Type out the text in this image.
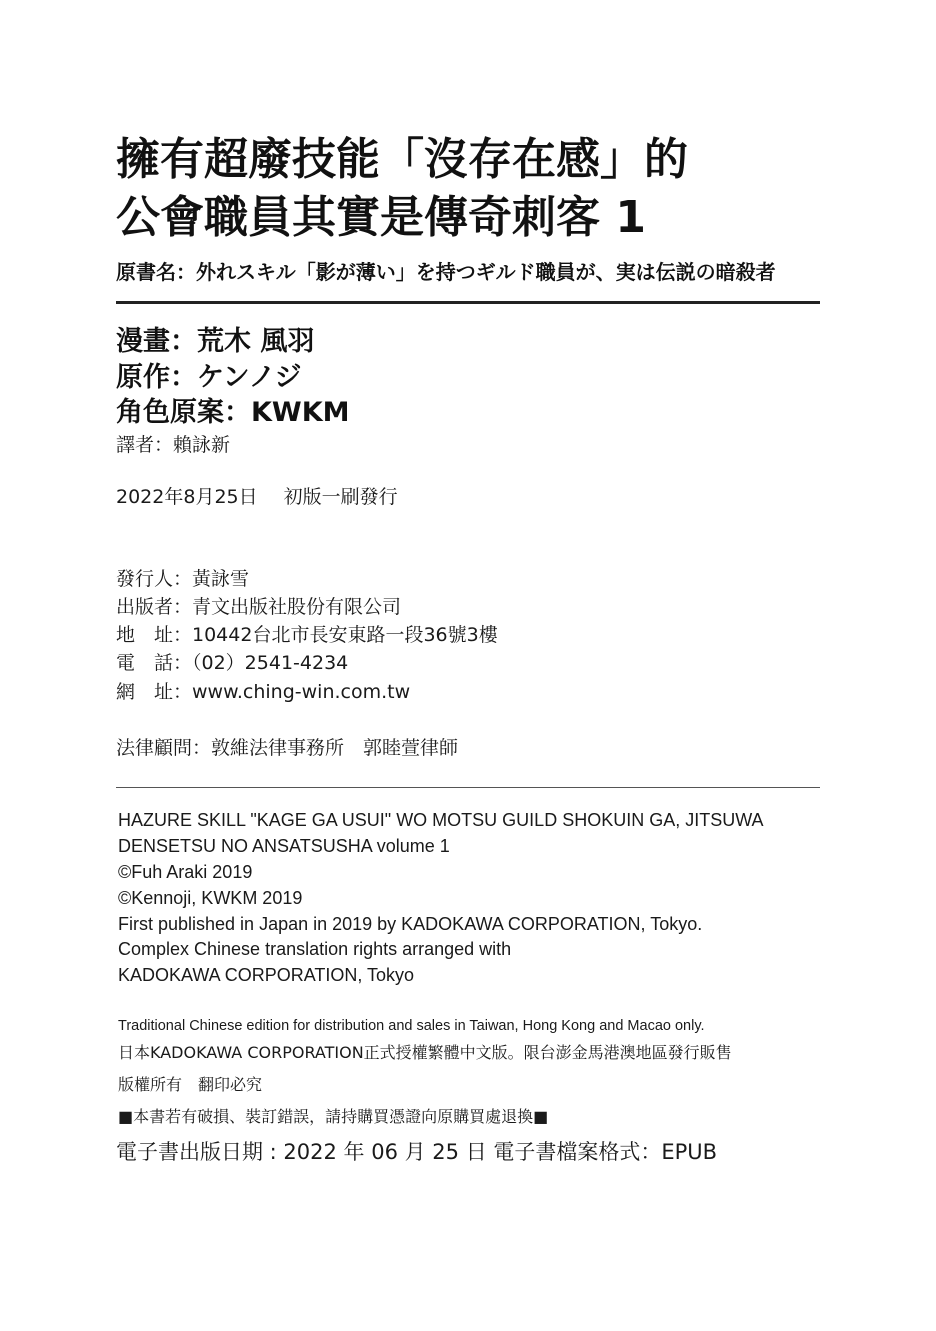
擁有超廢技能「沒存在感」的
公會職員其實是傳奇刺客 1
原書名：外れスキル「影が薄い」を持つギルド職員が、実は伝説の暗殺者
漫畫：荒木 風羽
原作：ケンノジ
角色原案：KWKM
譯者：賴詠新
2022年8月25日 初版一刷發行
發行人：黃詠雪
出版者：青文出版社股份有限公司
地　址：10442台北市長安東路一段36號3樓
電　話：（02）2541-4234
網　址：www.ching-win.com.tw
法律顧問：敦維法律事務所　郭睦萱律師
HAZURE SKILL "KAGE GA USUI" WO MOTSU GUILD SHOKUIN GA, JITSUWA
DENSETSU NO ANSATSUSHA volume 1
©Fuh Araki 2019
©Kennoji, KWKM 2019
First published in Japan in 2019 by KADOKAWA CORPORATION, Tokyo.
Complex Chinese translation rights arranged with
KADOKAWA CORPORATION, Tokyo
Traditional Chinese edition for distribution and sales in Taiwan, Hong Kong and Macao only.
日本KADOKAWA CORPORATION正式授權繁體中文版。限台澎金馬港澳地區發行販售
版權所有　翻印必究
■本書若有破損、裝訂錯誤，請持購買憑證向原購買處退換■
電子書出版日期 : 2022 年 06 月 25 日 電子書檔案格式：EPUB
